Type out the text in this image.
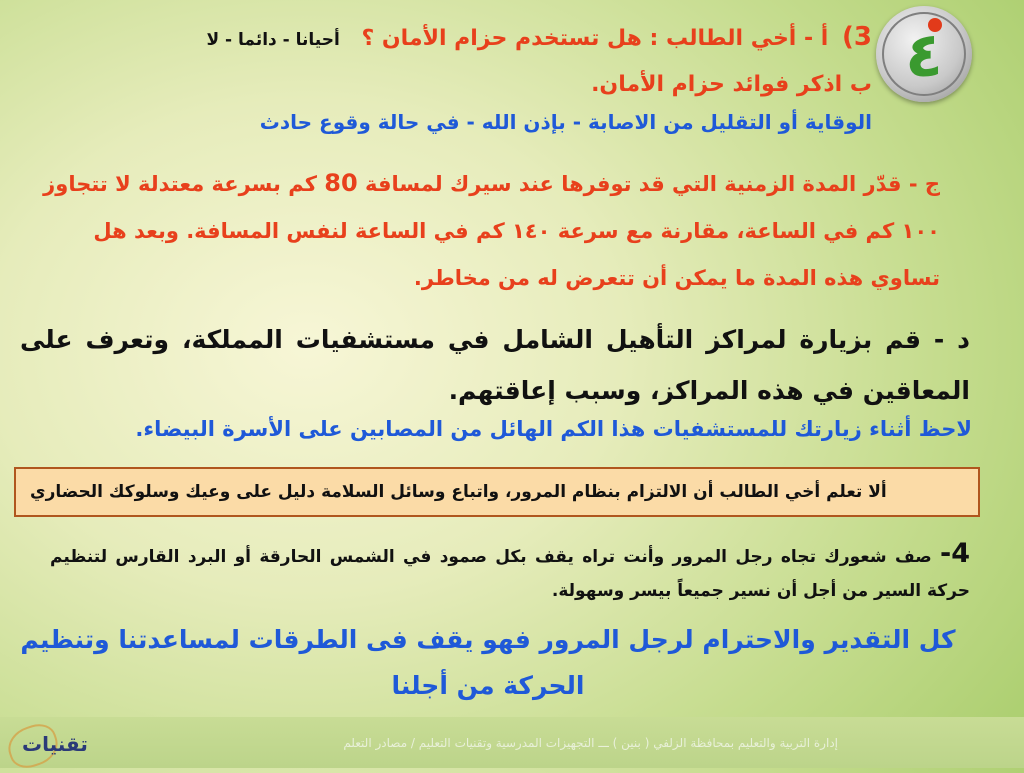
٤
3) أ - أخي الطالب : هل تستخدم حزام الأمان ؟ أحيانا - دائما - لا
ب اذكر فوائد حزام الأمان.
الوقاية أو التقليل من الاصابة - بإذن الله - في حالة وقوع حادث
ج - قدّر المدة الزمنية التي قد توفرها عند سيرك لمسافة 80 كم بسرعة معتدلة لا تتجاوز ١٠٠ كم في الساعة، مقارنة مع سرعة ١٤٠ كم في الساعة لنفس المسافة. وبعد هل تساوي هذه المدة ما يمكن أن تتعرض له من مخاطر.
د - قم بزيارة لمراكز التأهيل الشامل في مستشفيات المملكة، وتعرف على المعاقين في هذه المراكز، وسبب إعاقتهم.
لاحظ أثناء زيارتك للمستشفيات هذا الكم الهائل من المصابين على الأسرة البيضاء.
ألا تعلم أخي الطالب أن الالتزام بنظام المرور، واتباع وسائل السلامة دليل على وعيك وسلوكك الحضاري
4- صف شعورك تجاه رجل المرور وأنت تراه يقف بكل صمود في الشمس الحارقة أو البرد القارس لتنظيم حركة السير من أجل أن نسير جميعاً بيسر وسهولة.
كل التقدير والاحترام لرجل المرور فهو يقف فى الطرقات لمساعدتنا وتنظيم الحركة من أجلنا
إدارة التربية والتعليم بمحافظة الزلفي ( بنين ) ـــ التجهيزات المدرسية وتقنيات التعليم / مصادر التعلم
تقنيات
